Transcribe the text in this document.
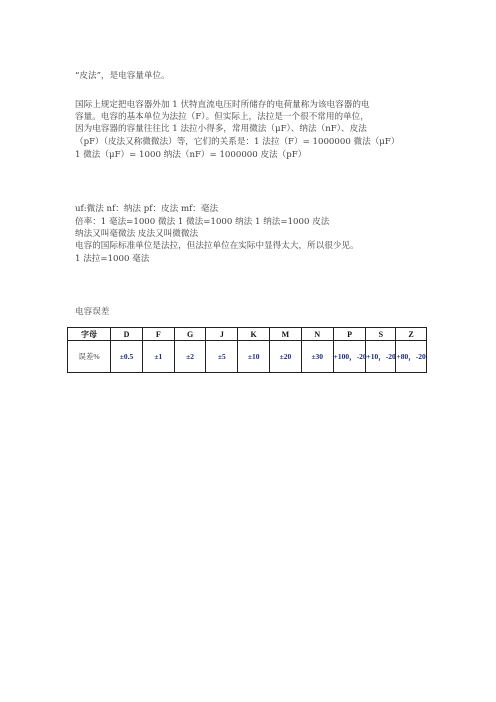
“皮法”，是电容量单位。
国际上规定把电容器外加 1 伏特直流电压时所储存的电荷量称为该电容器的电
容量。电容的基本单位为法拉（F）。但实际上，法拉是一个很不常用的单位，
因为电容器的容量往往比 1 法拉小得多，常用微法（μF）、纳法（nF）、皮法
（pF）（皮法又称微微法）等，它们的关系是：1 法拉（F）= 1000000 微法（μF）
1 微法（μF）= 1000 纳法（nF）= 1000000 皮法（pF）
uf:微法 nf：纳法 pf：皮法 mf：毫法
倍率：1 毫法=1000 微法 1 微法=1000 纳法 1 纳法=1000 皮法
纳法又叫毫微法 皮法又叫微微法
电容的国际标准单位是法拉，但法拉单位在实际中显得太大，所以很少见。
1 法拉=1000 毫法
电容误差
字母	D	F	G	J	K	M	N	P	S	Z
误差%	±0.5	±1	±2	±5	±10	±20	±30	+100，-20	+10，-20	+80，-20
